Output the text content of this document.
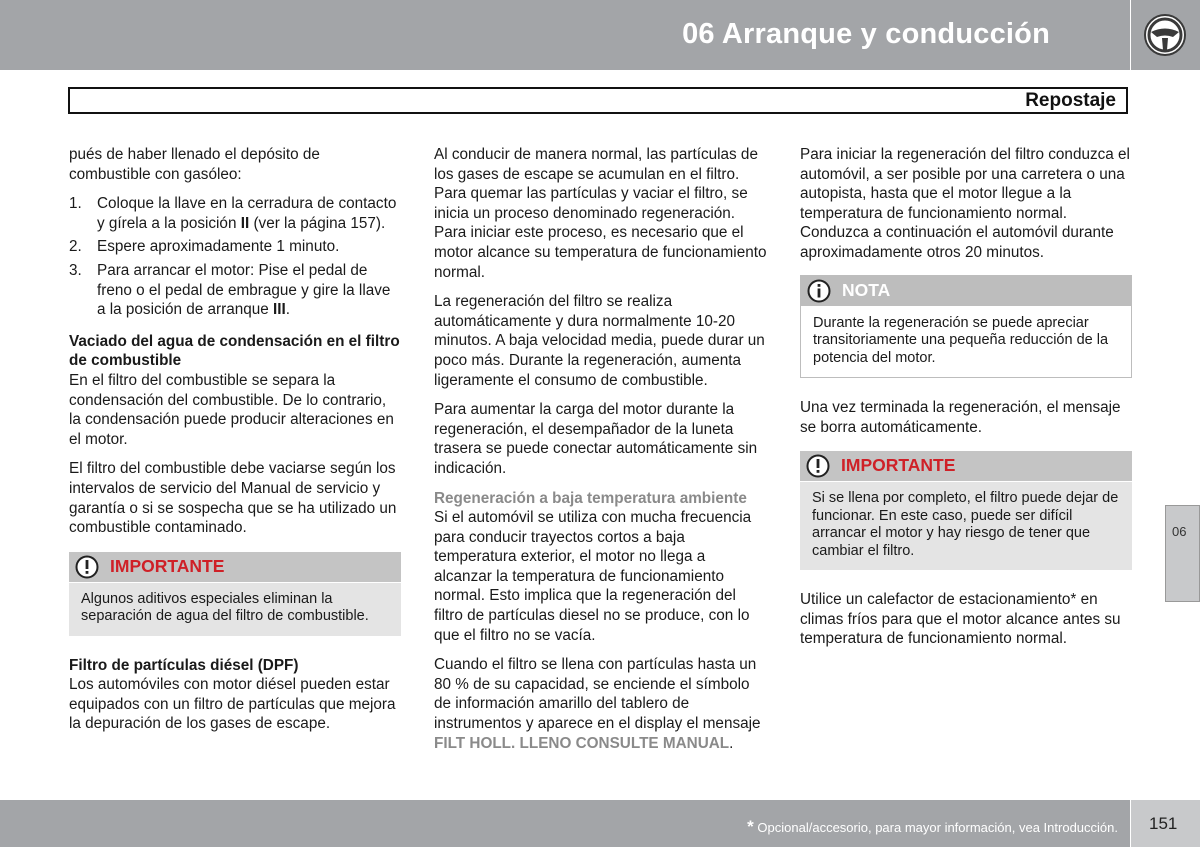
06 Arranque y conducción
Repostaje

pués de haber llenado el depósito de combustible con gasóleo:

1. Coloque la llave en la cerradura de contacto y gírela a la posición II (ver la página 157).
2. Espere aproximadamente 1 minuto.
3. Para arrancar el motor: Pise el pedal de freno o el pedal de embrague y gire la llave a la posición de arranque III.
Vaciado del agua de condensación en el filtro de combustible

En el filtro del combustible se separa la condensación del combustible. De lo contrario, la condensación puede producir alteraciones en el motor.

El filtro del combustible debe vaciarse según los intervalos de servicio del Manual de servicio y garantía o si se sospecha que se ha utilizado un combustible contaminado.

IMPORTANTE
Algunos aditivos especiales eliminan la separación de agua del filtro de combustible.
Filtro de partículas diésel (DPF)

Los automóviles con motor diésel pueden estar equipados con un filtro de partículas que mejora la depuración de los gases de escape.

Al conducir de manera normal, las partículas de los gases de escape se acumulan en el filtro. Para quemar las partículas y vaciar el filtro, se inicia un proceso denominado regeneración. Para iniciar este proceso, es necesario que el motor alcance su temperatura de funcionamiento normal.

La regeneración del filtro se realiza automáticamente y dura normalmente 10-20 minutos. A baja velocidad media, puede durar un poco más. Durante la regeneración, aumenta ligeramente el consumo de combustible.

Para aumentar la carga del motor durante la regeneración, el desempañador de la luneta trasera se puede conectar automáticamente sin indicación.

Regeneración a baja temperatura ambiente

Si el automóvil se utiliza con mucha frecuencia para conducir trayectos cortos a baja temperatura exterior, el motor no llega a alcanzar la temperatura de funcionamiento normal. Esto implica que la regeneración del filtro de partículas diesel no se produce, con lo que el filtro no se vacía.

Cuando el filtro se llena con partículas hasta un 80 % de su capacidad, se enciende el símbolo de información amarillo del tablero de instrumentos y aparece en el display el mensaje FILT HOLL. LLENO CONSULTE MANUAL.

Para iniciar la regeneración del filtro conduzca el automóvil, a ser posible por una carretera o una autopista, hasta que el motor llegue a la temperatura de funcionamiento normal. Conduzca a continuación el automóvil durante aproximadamente otros 20 minutos.

NOTA
Durante la regeneración se puede apreciar transitoriamente una pequeña reducción de la potencia del motor.

Una vez terminada la regeneración, el mensaje se borra automáticamente.

IMPORTANTE
Si se llena por completo, el filtro puede dejar de funcionar. En este caso, puede ser difícil arrancar el motor y hay riesgo de tener que cambiar el filtro.

Utilice un calefactor de estacionamiento* en climas fríos para que el motor alcance antes su temperatura de funcionamiento normal.

06
* Opcional/accesorio, para mayor información, vea Introducción. 151
